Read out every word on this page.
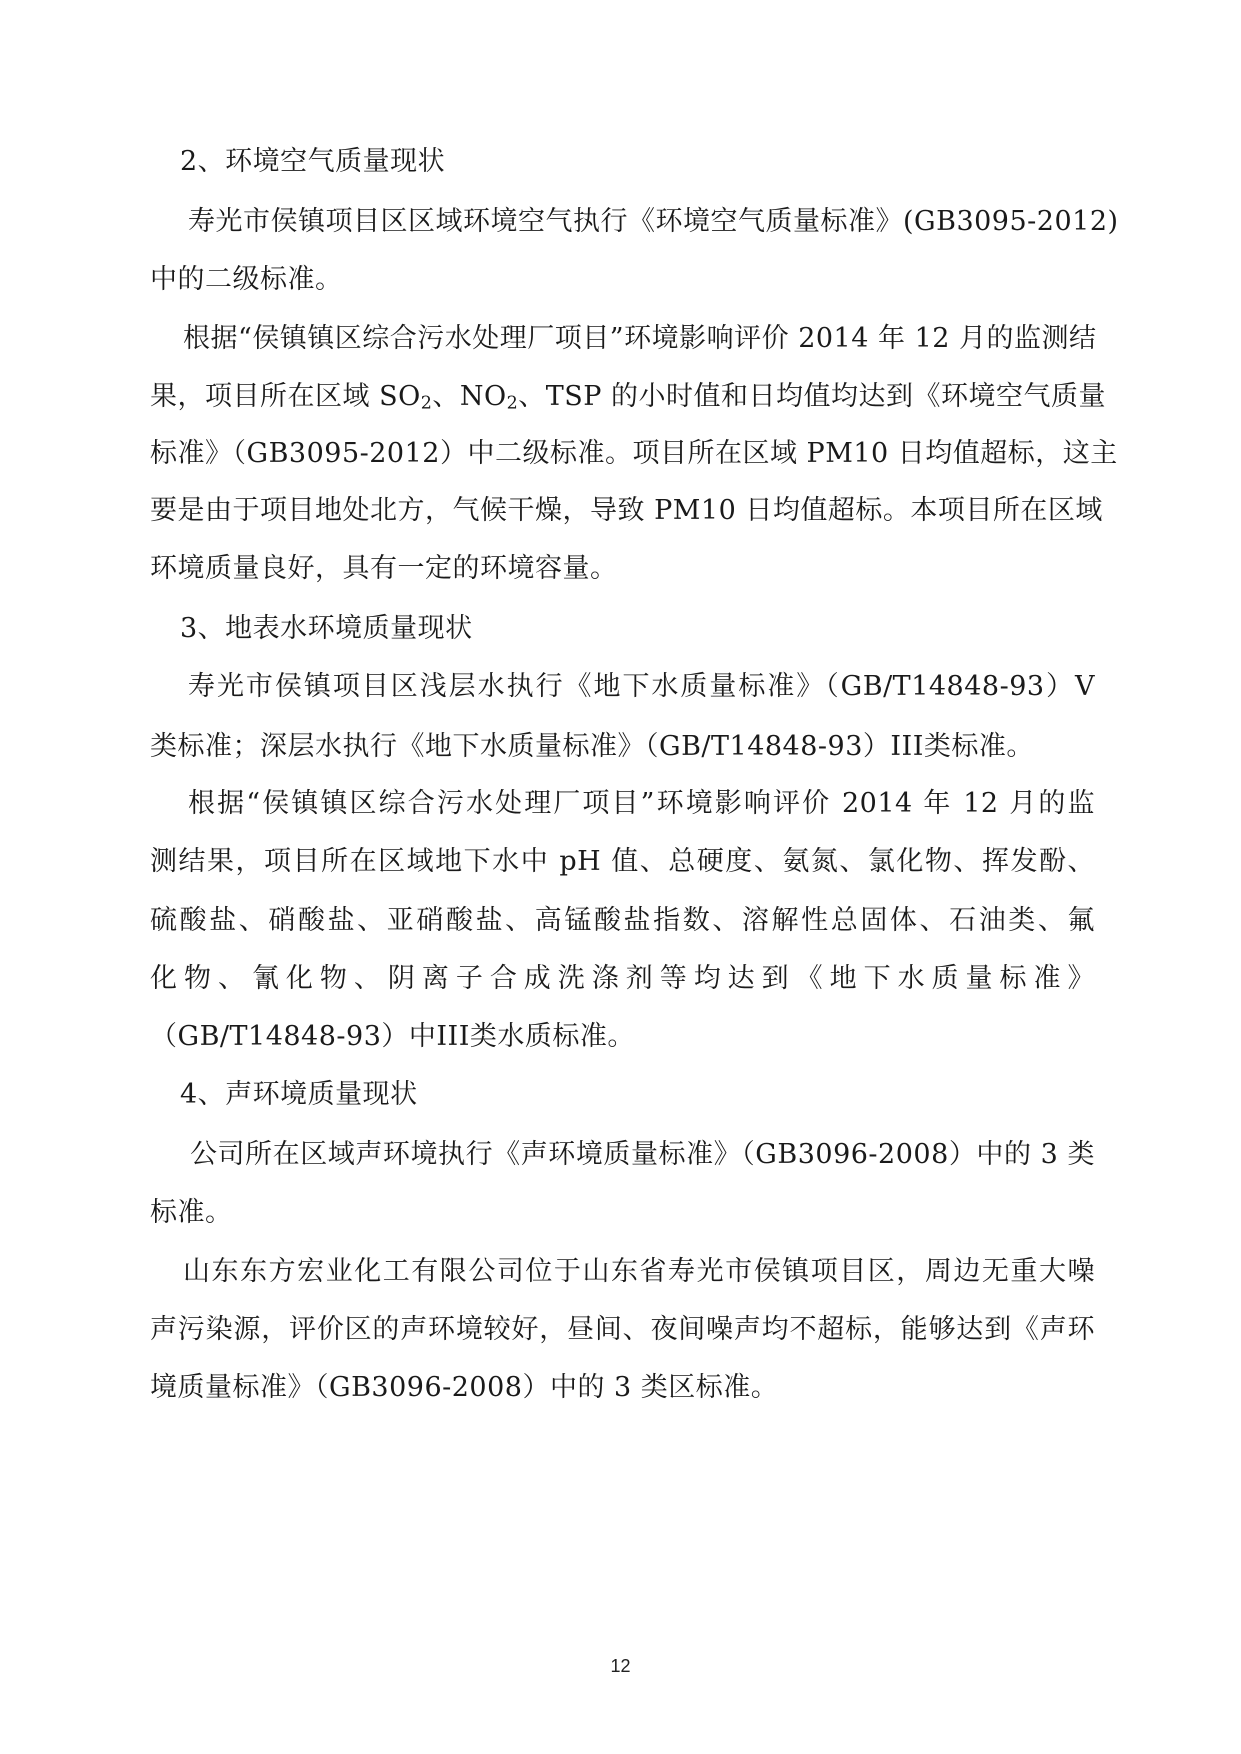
2、环境空气质量现状
寿光市侯镇项目区区域环境空气执行《环境空气质量标准》(GB3095-2012)
中的二级标准。
根据“侯镇镇区综合污水处理厂项目”环境影响评价 2014 年 12 月的监测结
果，项目所在区域 $SO_2$、$NO_2$、TSP 的小时值和日均值均达到《环境空气质量
标准》（GB3095-2012）中二级标准。项目所在区域 PM10 日均值超标，这主
要是由于项目地处北方，气候干燥，导致 PM10 日均值超标。本项目所在区域
环境质量良好，具有一定的环境容量。
3、地表水环境质量现状
寿光市侯镇项目区浅层水执行《地下水质量标准》（GB/T14848-93）V
类标准；深层水执行《地下水质量标准》（GB/T14848-93）III类标准。
根据“侯镇镇区综合污水处理厂项目”环境影响评价 2014 年 12 月的监
测结果，项目所在区域地下水中 pH 值、总硬度、氨氮、氯化物、挥发酚、
硫酸盐、硝酸盐、亚硝酸盐、高锰酸盐指数、溶解性总固体、石油类、氟
化物、氰化物、阴离子合成洗涤剂等均达到《地下水质量标准》
（GB/T14848-93）中III类水质标准。
4、声环境质量现状
公司所在区域声环境执行《声环境质量标准》（GB3096-2008）中的 3 类
标准。
山东东方宏业化工有限公司位于山东省寿光市侯镇项目区，周边无重大噪
声污染源，评价区的声环境较好，昼间、夜间噪声均不超标，能够达到《声环
境质量标准》（GB3096-2008）中的 3 类区标准。
12
